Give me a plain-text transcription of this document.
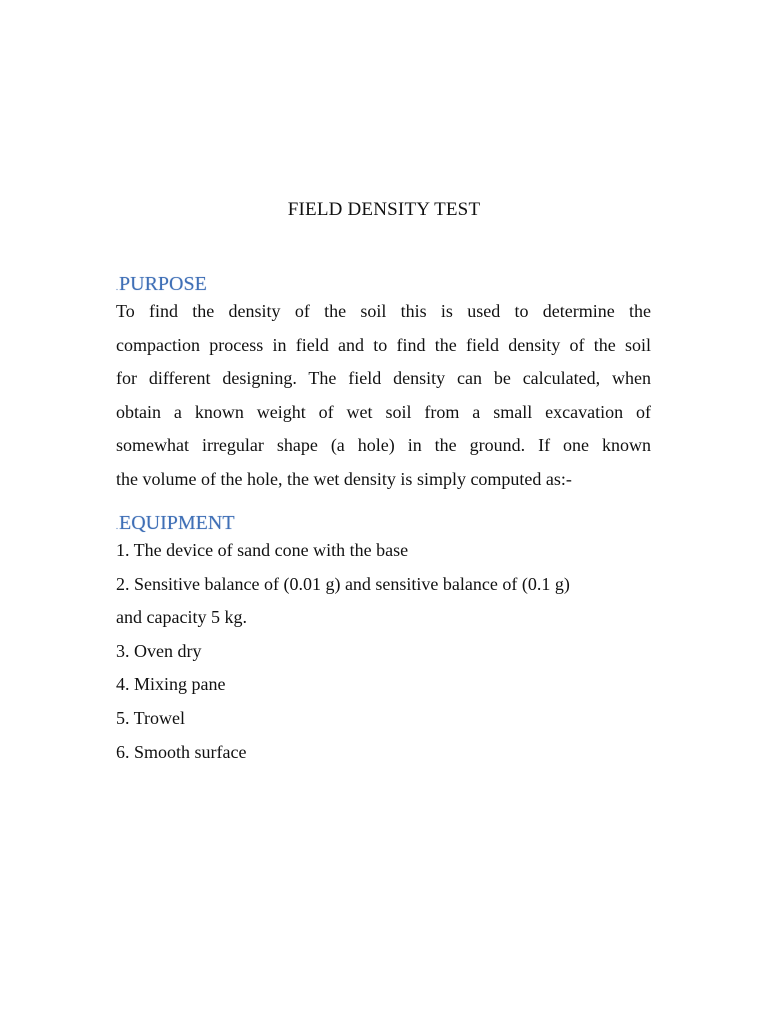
FIELD DENSITY TEST
.PURPOSE
To find the density of the soil this is used to determine the
compaction process in field and to find the field density of the soil
for different designing. The field density can be calculated, when
obtain a known weight of wet soil from a small excavation of
somewhat irregular shape (a hole) in the ground. If one known
the volume of the hole, the wet density is simply computed as:-
.EQUIPMENT
1. The device of sand cone with the base
2. Sensitive balance of (0.01 g) and sensitive balance of (0.1 g)
and capacity 5 kg.
3. Oven dry
4. Mixing pane
5. Trowel
6. Smooth surface
